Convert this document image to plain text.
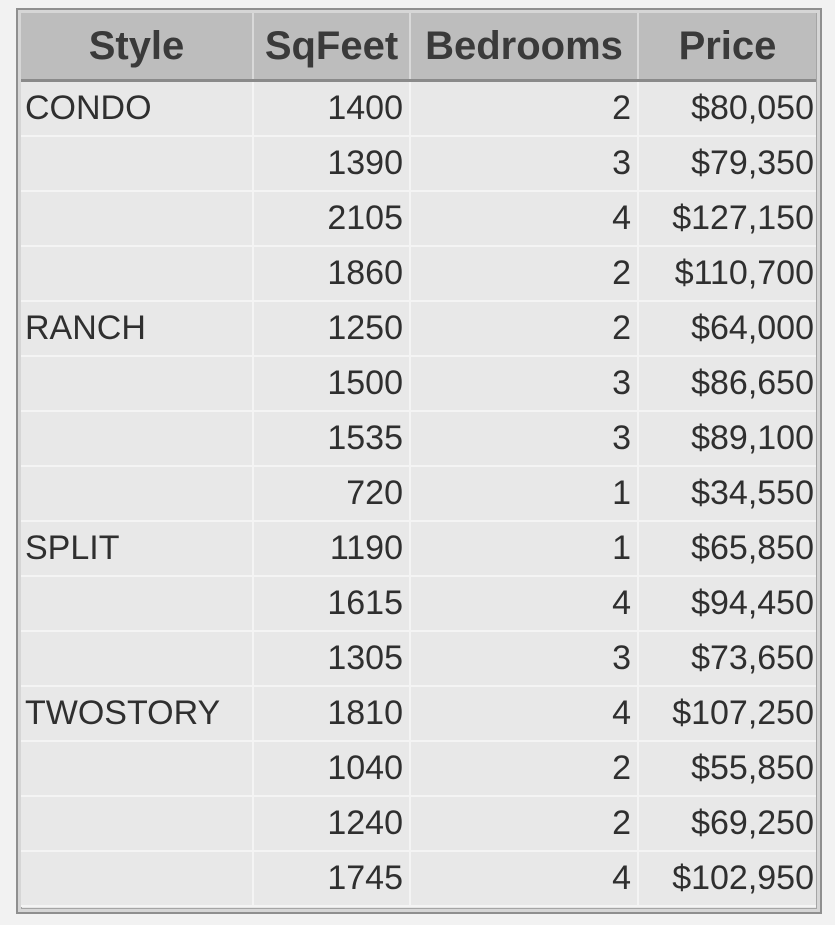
Style	SqFeet	Bedrooms	Price
CONDO	1400	2	$80,050
	1390	3	$79,350
	2105	4	$127,150
	1860	2	$110,700
RANCH	1250	2	$64,000
	1500	3	$86,650
	1535	3	$89,100
	720	1	$34,550
SPLIT	1190	1	$65,850
	1615	4	$94,450
	1305	3	$73,650
TWOSTORY	1810	4	$107,250
	1040	2	$55,850
	1240	2	$69,250
	1745	4	$102,950
